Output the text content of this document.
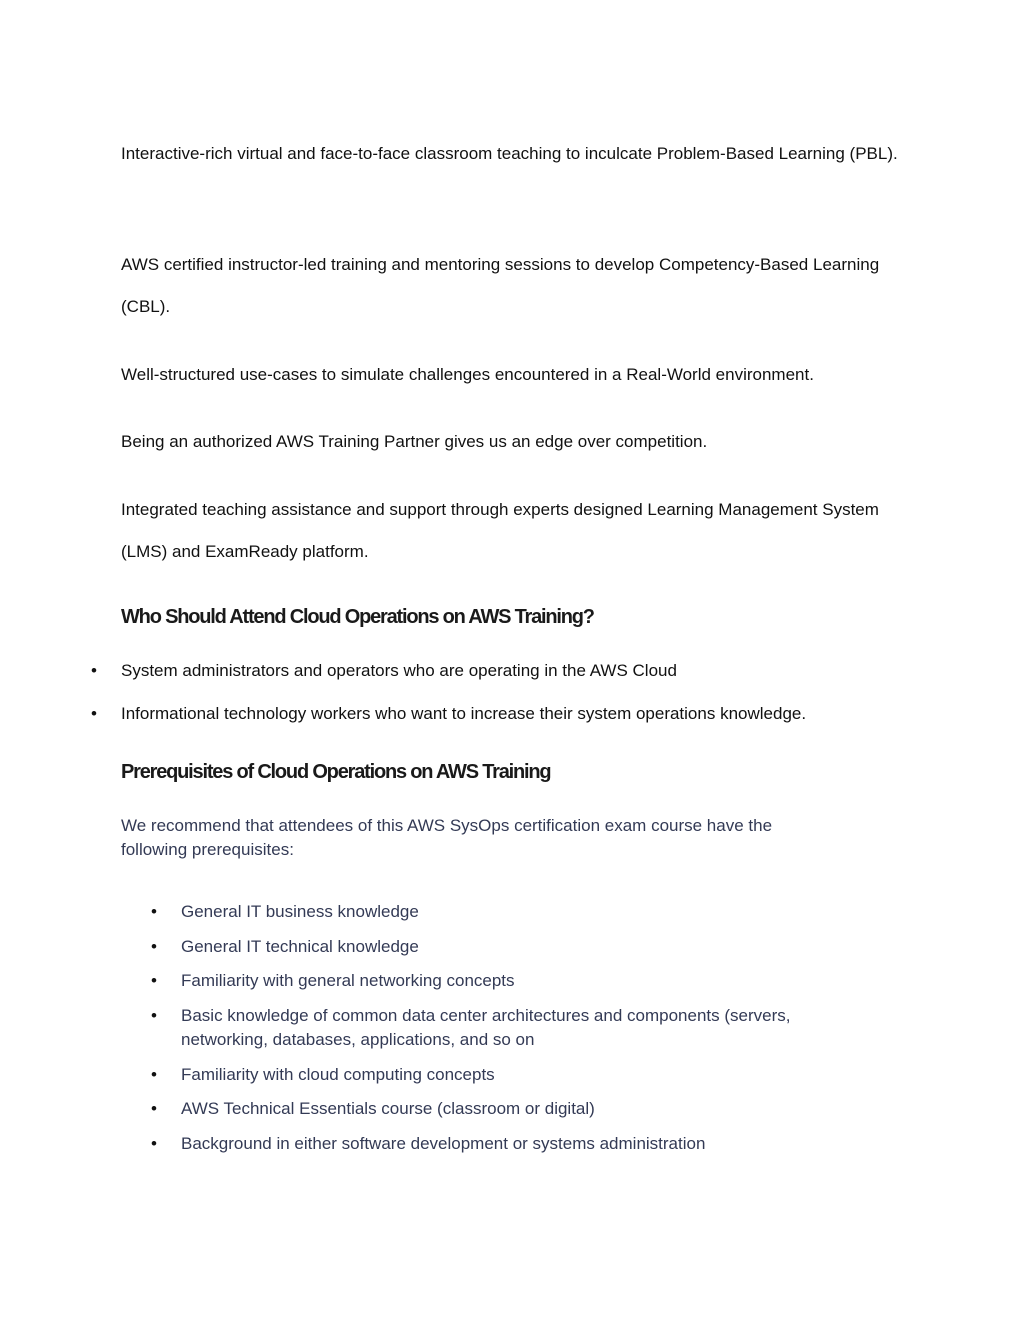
Interactive-rich virtual and face-to-face classroom teaching to inculcate Problem-Based Learning (PBL).

AWS certified instructor-led training and mentoring sessions to develop Competency-Based Learning (CBL).

Well-structured use-cases to simulate challenges encountered in a Real-World environment.

Being an authorized AWS Training Partner gives us an edge over competition.

Integrated teaching assistance and support through experts designed Learning Management System (LMS) and ExamReady platform.

Who Should Attend Cloud Operations on AWS Training?
• System administrators and operators who are operating in the AWS Cloud
• Informational technology workers who want to increase their system operations knowledge.
Prerequisites of Cloud Operations on AWS Training

We recommend that attendees of this AWS SysOps certification exam course have the following prerequisites:

• General IT business knowledge
• General IT technical knowledge
• Familiarity with general networking concepts
• Basic knowledge of common data center architectures and components (servers, networking, databases, applications, and so on
• Familiarity with cloud computing concepts
• AWS Technical Essentials course (classroom or digital)
• Background in either software development or systems administration
